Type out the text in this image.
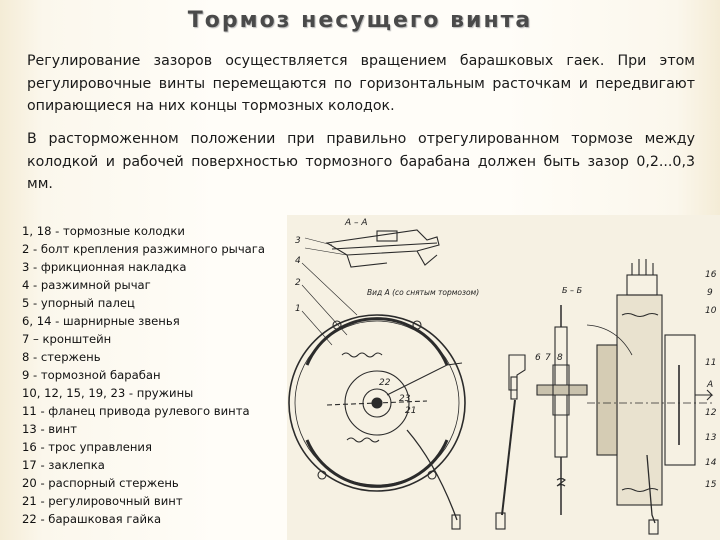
Тормоз несущего винта
Регулирование зазоров осуществляется вращением барашковых гаек. При этом регулировочные винты перемещаются по горизонтальным расточкам и передвигают опирающиеся на них концы тормозных колодок.
В расторможенном положении при правильно отрегулированном тормозе между колодкой и рабочей поверхностью тормозного барабана должен быть зазор 0,2...0,3 мм.
1, 18 - тормозные колодки
2 - болт крепления разжимного рычага
3 - фрикционная накладка
4 - разжимной рычаг
5 - упорный палец
6, 14 - шарнирные звенья
7 – кронштейн
8 - стержень
9 - тормозной барабан
10, 12, 15, 19, 23 - пружины
11 - фланец привода рулевого винта
13 - винт
16 - трос управления
17 - заклепка
20 - распорный стержень
21 - регулировочный винт
22 - барашковая гайка
А – А
3
4
2
1
Вид А (со снятым тормозом)
22
23
21
Б – Б
6 7 8
16
9
10
11
12
13
14
15
A
